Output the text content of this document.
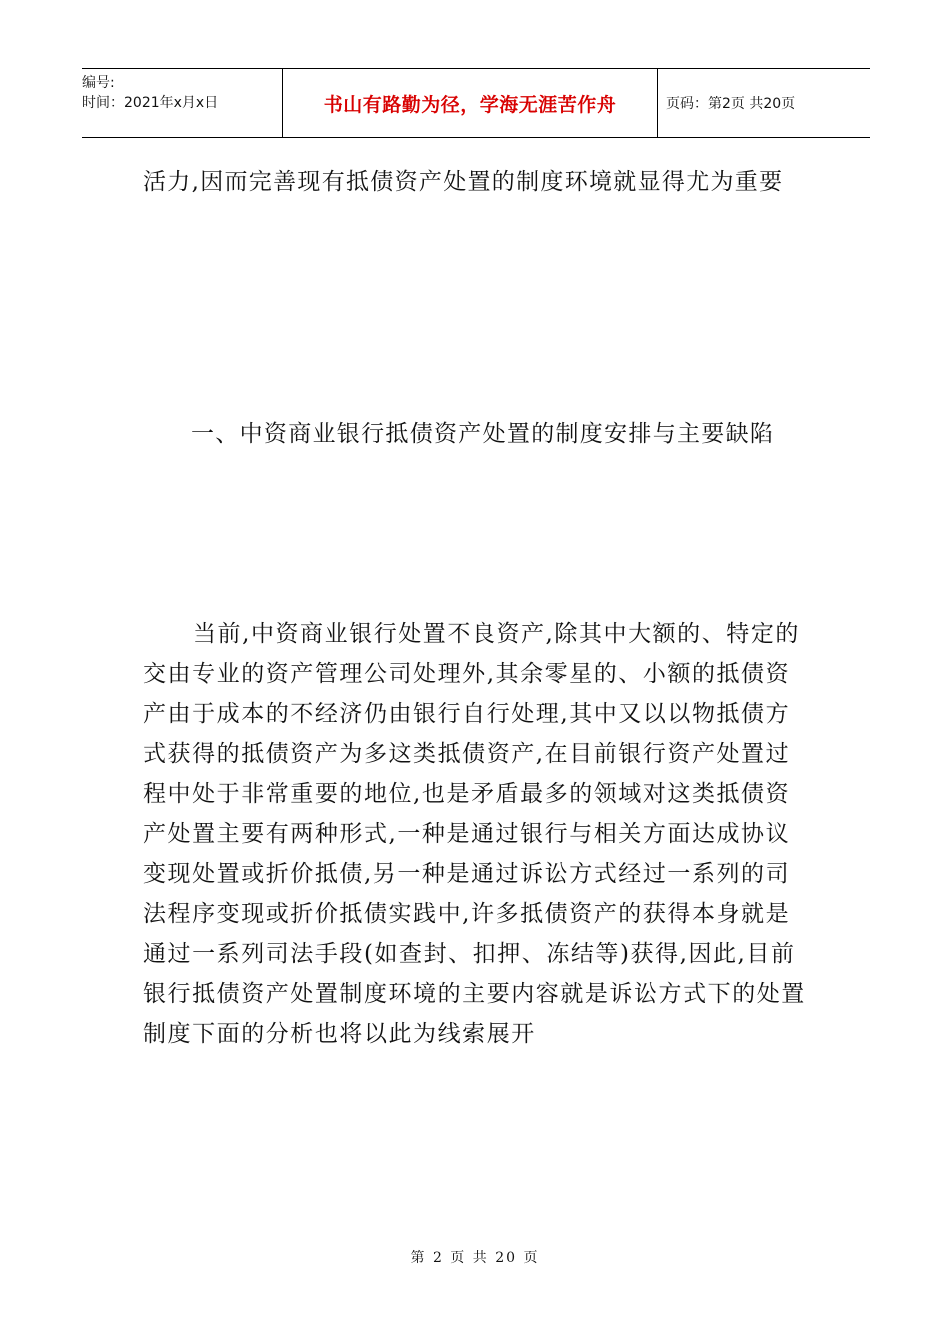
编号:
时间：2021年x月x日	书山有路勤为径，学海无涯苦作舟	页码：第2页 共20页

活力,因而完善现有抵债资产处置的制度环境就显得尤为重要

一、中资商业银行抵债资产处置的制度安排与主要缺陷

当前,中资商业银行处置不良资产,除其中大额的、特定的交由专业的资产管理公司处理外,其余零星的、小额的抵债资产由于成本的不经济仍由银行自行处理,其中又以以物抵债方式获得的抵债资产为多这类抵债资产,在目前银行资产处置过程中处于非常重要的地位,也是矛盾最多的领域对这类抵债资产处置主要有两种形式,一种是通过银行与相关方面达成协议变现处置或折价抵债,另一种是通过诉讼方式经过一系列的司法程序变现或折价抵债实践中,许多抵债资产的获得本身就是通过一系列司法手段(如查封、扣押、冻结等)获得,因此,目前银行抵债资产处置制度环境的主要内容就是诉讼方式下的处置制度下面的分析也将以此为线索展开

第 2 页 共 20 页
